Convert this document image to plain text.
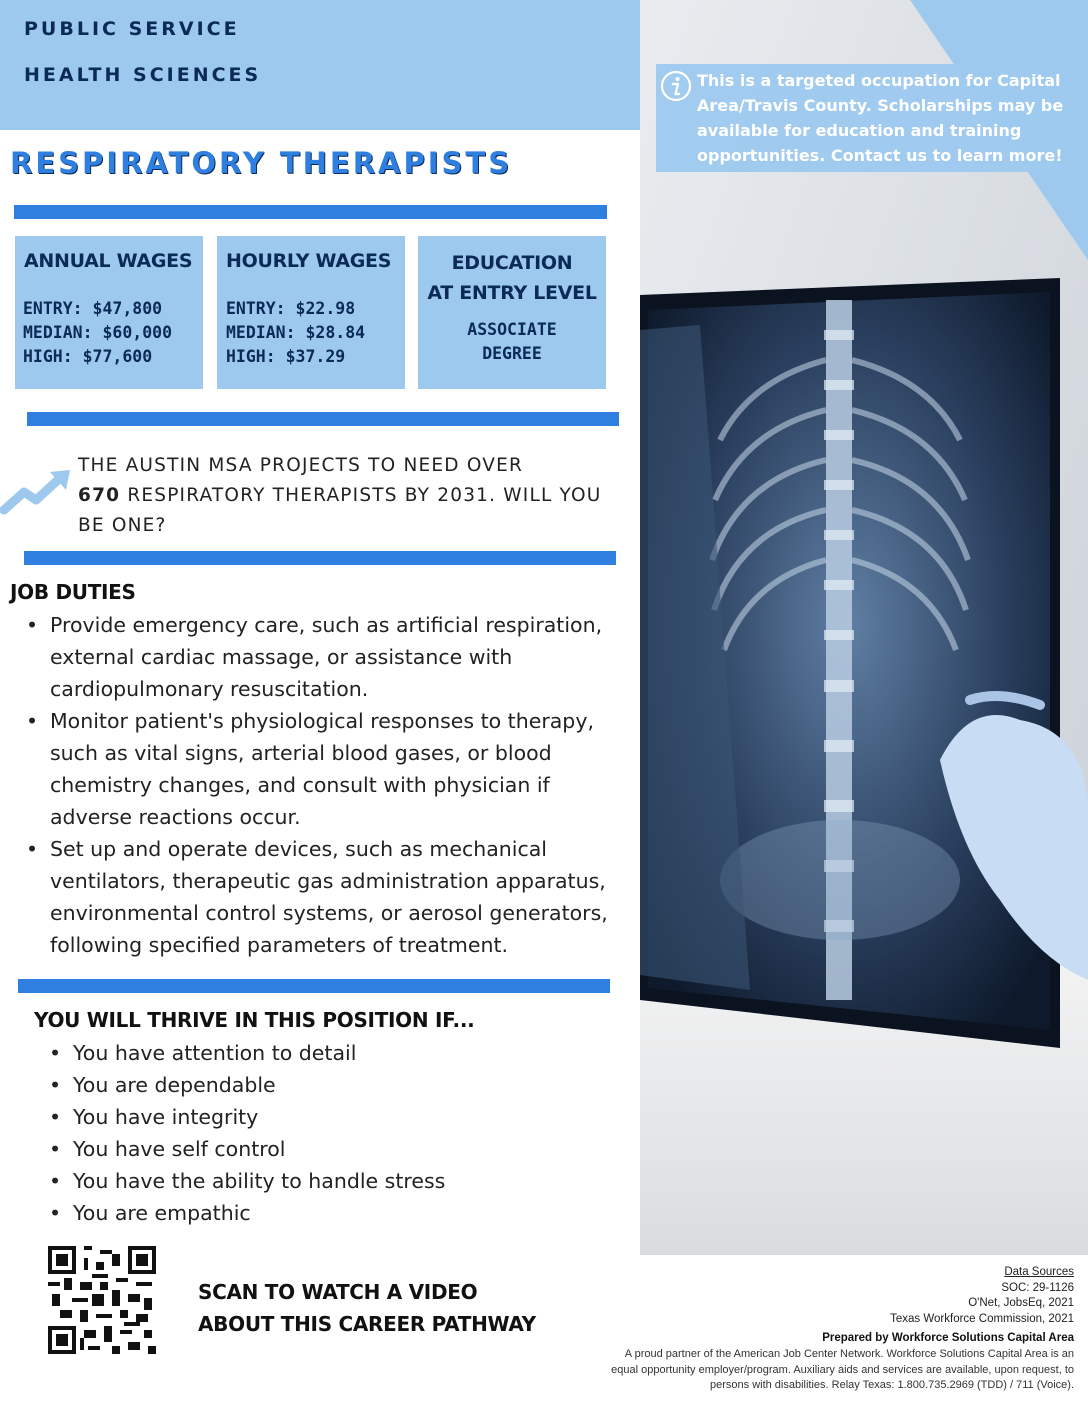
PUBLIC SERVICE
HEALTH SCIENCES
RESPIRATORY THERAPISTS
ANNUAL WAGES
ENTRY: $47,800
MEDIAN: $60,000
HIGH: $77,600
HOURLY WAGES
ENTRY: $22.98
MEDIAN: $28.84
HIGH: $37.29
EDUCATION
AT ENTRY LEVEL
ASSOCIATE
DEGREE
THE AUSTIN MSA PROJECTS TO NEED OVER
670 RESPIRATORY THERAPISTS BY 2031. WILL YOU BE ONE?
JOB DUTIES
• Provide emergency care, such as artificial respiration, external cardiac massage, or assistance with cardiopulmonary resuscitation.
• Monitor patient's physiological responses to therapy, such as vital signs, arterial blood gases, or blood chemistry changes, and consult with physician if adverse reactions occur.
• Set up and operate devices, such as mechanical ventilators, therapeutic gas administration apparatus, environmental control systems, or aerosol generators, following specified parameters of treatment.
YOU WILL THRIVE IN THIS POSITION IF...
• You have attention to detail
• You are dependable
• You have integrity
• You have self control
• You have the ability to handle stress
• You are empathic
SCAN TO WATCH A VIDEO
ABOUT THIS CAREER PATHWAY
This is a targeted occupation for Capital Area/Travis County. Scholarships may be available for education and training opportunities. Contact us to learn more!
Data Sources
SOC: 29-1126
O'Net, JobsEq, 2021
Texas Workforce Commission, 2021
Prepared by Workforce Solutions Capital Area
A proud partner of the American Job Center Network. Workforce Solutions Capital Area is an equal opportunity employer/program. Auxiliary aids and services are available, upon request, to persons with disabilities. Relay Texas: 1.800.735.2969 (TDD) / 711 (Voice).
